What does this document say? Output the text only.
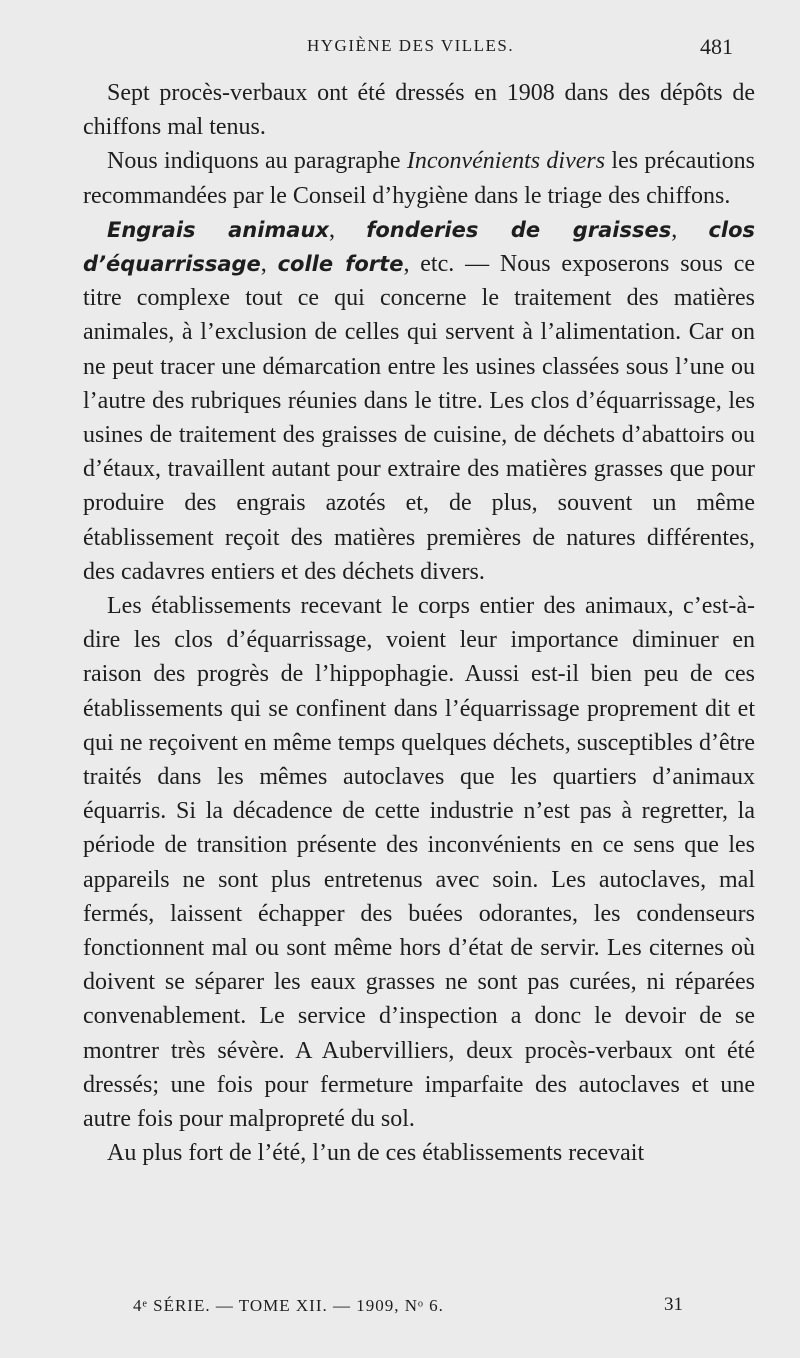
HYGIÈNE DES VILLES.	481

Sept procès-verbaux ont été dressés en 1908 dans des dépôts de chiffons mal tenus.

Nous indiquons au paragraphe Inconvénients divers les précautions recommandées par le Conseil d’hygiène dans le triage des chiffons.

Engrais animaux, fonderies de graisses, clos d’équarrissage, colle forte, etc. — Nous exposerons sous ce titre complexe tout ce qui concerne le traitement des matières animales, à l’exclusion de celles qui servent à l’alimentation. Car on ne peut tracer une démarcation entre les usines classées sous l’une ou l’autre des rubriques réunies dans le titre. Les clos d’équarrissage, les usines de traitement des graisses de cuisine, de déchets d’abattoirs ou d’étaux, travaillent autant pour extraire des matières grasses que pour produire des engrais azotés et, de plus, souvent un même établissement reçoit des matières premières de natures différentes, des cadavres entiers et des déchets divers.

Les établissements recevant le corps entier des animaux, c’est-à-dire les clos d’équarrissage, voient leur importance diminuer en raison des progrès de l’hippophagie. Aussi est-il bien peu de ces établissements qui se confinent dans l’équarrissage proprement dit et qui ne reçoivent en même temps quelques déchets, susceptibles d’être traités dans les mêmes autoclaves que les quartiers d’animaux équarris. Si la décadence de cette industrie n’est pas à regretter, la période de transition présente des inconvénients en ce sens que les appareils ne sont plus entretenus avec soin. Les autoclaves, mal fermés, laissent échapper des buées odorantes, les condenseurs fonctionnent mal ou sont même hors d’état de servir. Les citernes où doivent se séparer les eaux grasses ne sont pas curées, ni réparées convenablement. Le service d’inspection a donc le devoir de se montrer très sévère. A Aubervilliers, deux procès-verbaux ont été dressés; une fois pour fermeture imparfaite des autoclaves et une autre fois pour malpropreté du sol.

Au plus fort de l’été, l’un de ces établissements recevait

4ᵉ SÉRIE. — TOME XII. — 1909, Nᵒ 6.	31
